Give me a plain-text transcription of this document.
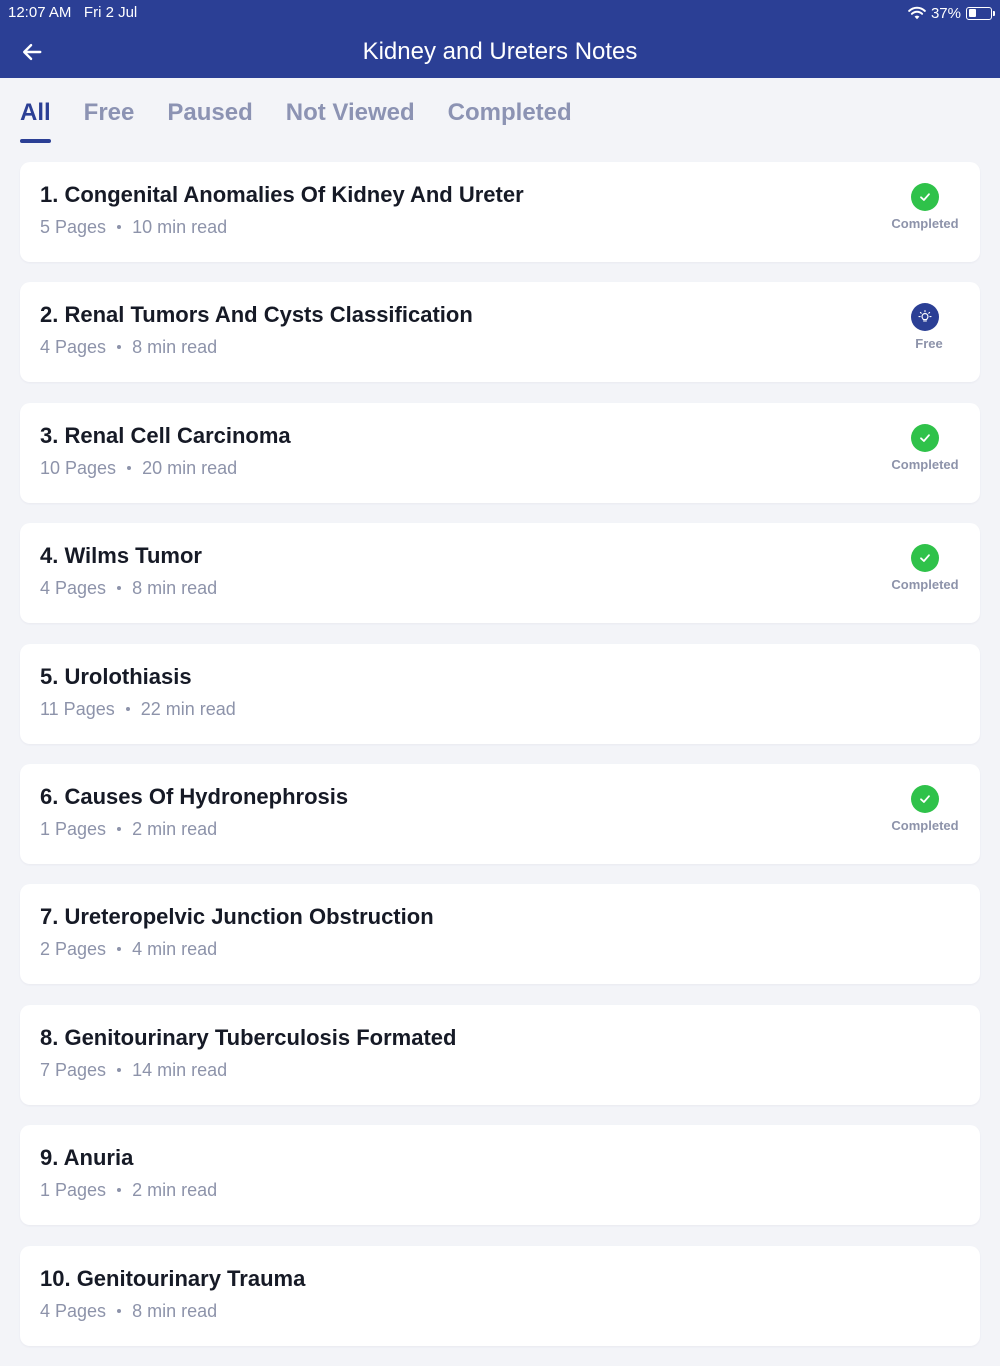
12:07 AM Fri 2 Jul	37%
Kidney and Ureters Notes
All Free Paused Not Viewed Completed
1. Congenital Anomalies Of Kidney And Ureter
5 Pages 10 min read	Completed
2. Renal Tumors And Cysts Classification
4 Pages 8 min read	Free
3. Renal Cell Carcinoma
10 Pages 20 min read	Completed
4. Wilms Tumor
4 Pages 8 min read	Completed
5. Urolothiasis
11 Pages 22 min read
6. Causes Of Hydronephrosis
1 Pages 2 min read	Completed
7. Ureteropelvic Junction Obstruction
2 Pages 4 min read
8. Genitourinary Tuberculosis Formated
7 Pages 14 min read
9. Anuria
1 Pages 2 min read
10. Genitourinary Trauma
4 Pages 8 min read
